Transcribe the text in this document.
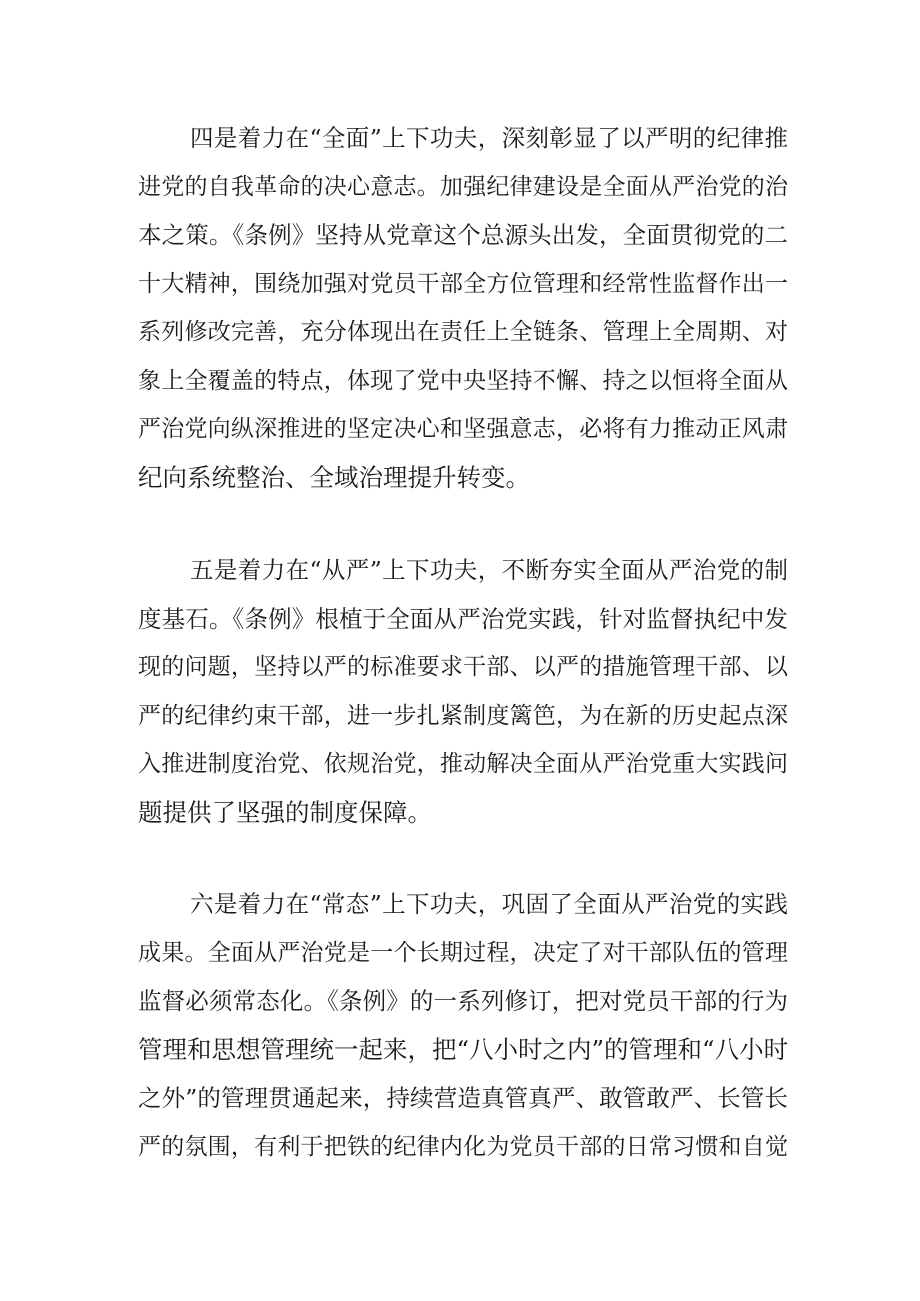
四是着力在“全面”上下功夫，深刻彰显了以严明的纪律推
进党的自我革命的决心意志。加强纪律建设是全面从严治党的治
本之策。《条例》坚持从党章这个总源头出发，全面贯彻党的二
十大精神，围绕加强对党员干部全方位管理和经常性监督作出一
系列修改完善，充分体现出在责任上全链条、管理上全周期、对
象上全覆盖的特点，体现了党中央坚持不懈、持之以恒将全面从
严治党向纵深推进的坚定决心和坚强意志，必将有力推动正风肃
纪向系统整治、全域治理提升转变。
五是着力在“从严”上下功夫，不断夯实全面从严治党的制
度基石。《条例》根植于全面从严治党实践，针对监督执纪中发
现的问题，坚持以严的标准要求干部、以严的措施管理干部、以
严的纪律约束干部，进一步扎紧制度篱笆，为在新的历史起点深
入推进制度治党、依规治党，推动解决全面从严治党重大实践问
题提供了坚强的制度保障。
六是着力在“常态”上下功夫，巩固了全面从严治党的实践
成果。全面从严治党是一个长期过程，决定了对干部队伍的管理
监督必须常态化。《条例》的一系列修订，把对党员干部的行为
管理和思想管理统一起来，把“八小时之内”的管理和“八小时
之外”的管理贯通起来，持续营造真管真严、敢管敢严、长管长
严的氛围，有利于把铁的纪律内化为党员干部的日常习惯和自觉
